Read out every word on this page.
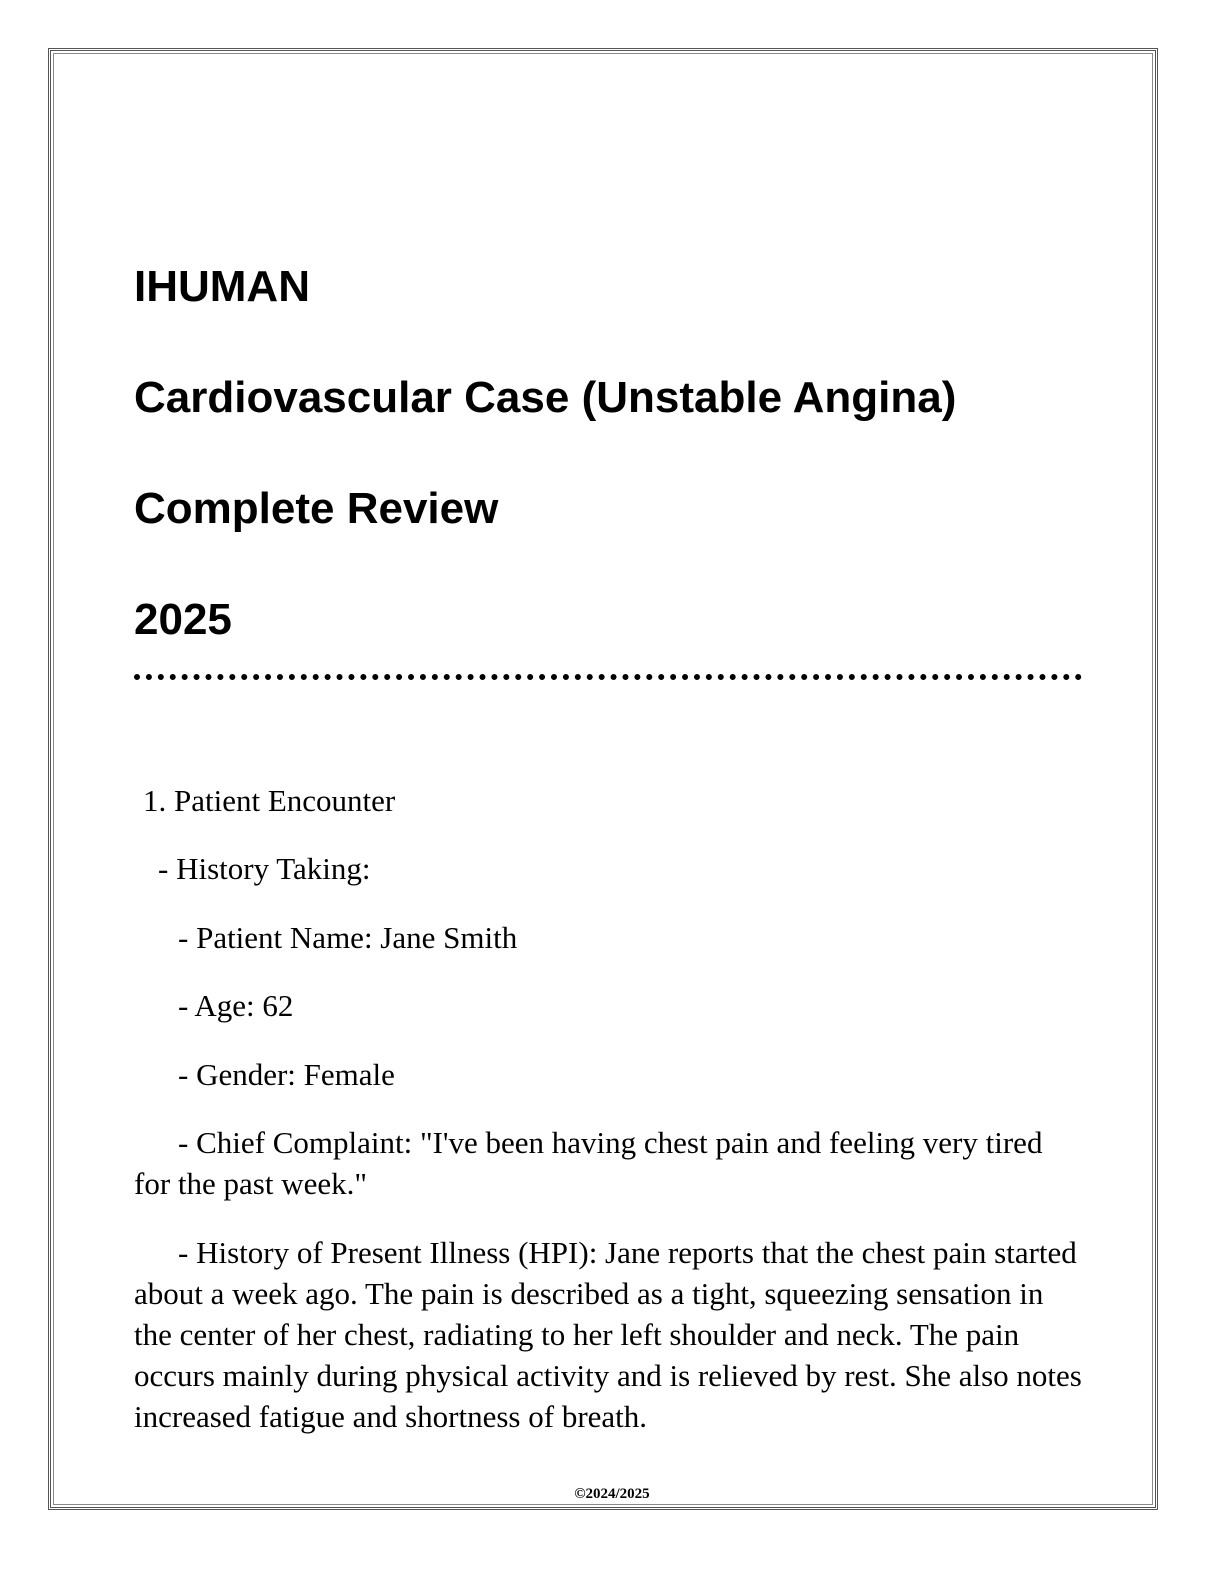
IHUMAN
Cardiovascular Case (Unstable Angina)
Complete Review
2025
1. Patient Encounter
- History Taking:
- Patient Name: Jane Smith
- Age: 62
- Gender: Female
- Chief Complaint: "I've been having chest pain and feeling very tired for the past week."
- History of Present Illness (HPI): Jane reports that the chest pain started about a week ago. The pain is described as a tight, squeezing sensation in the center of her chest, radiating to her left shoulder and neck. The pain occurs mainly during physical activity and is relieved by rest. She also notes increased fatigue and shortness of breath.
©2024/2025
